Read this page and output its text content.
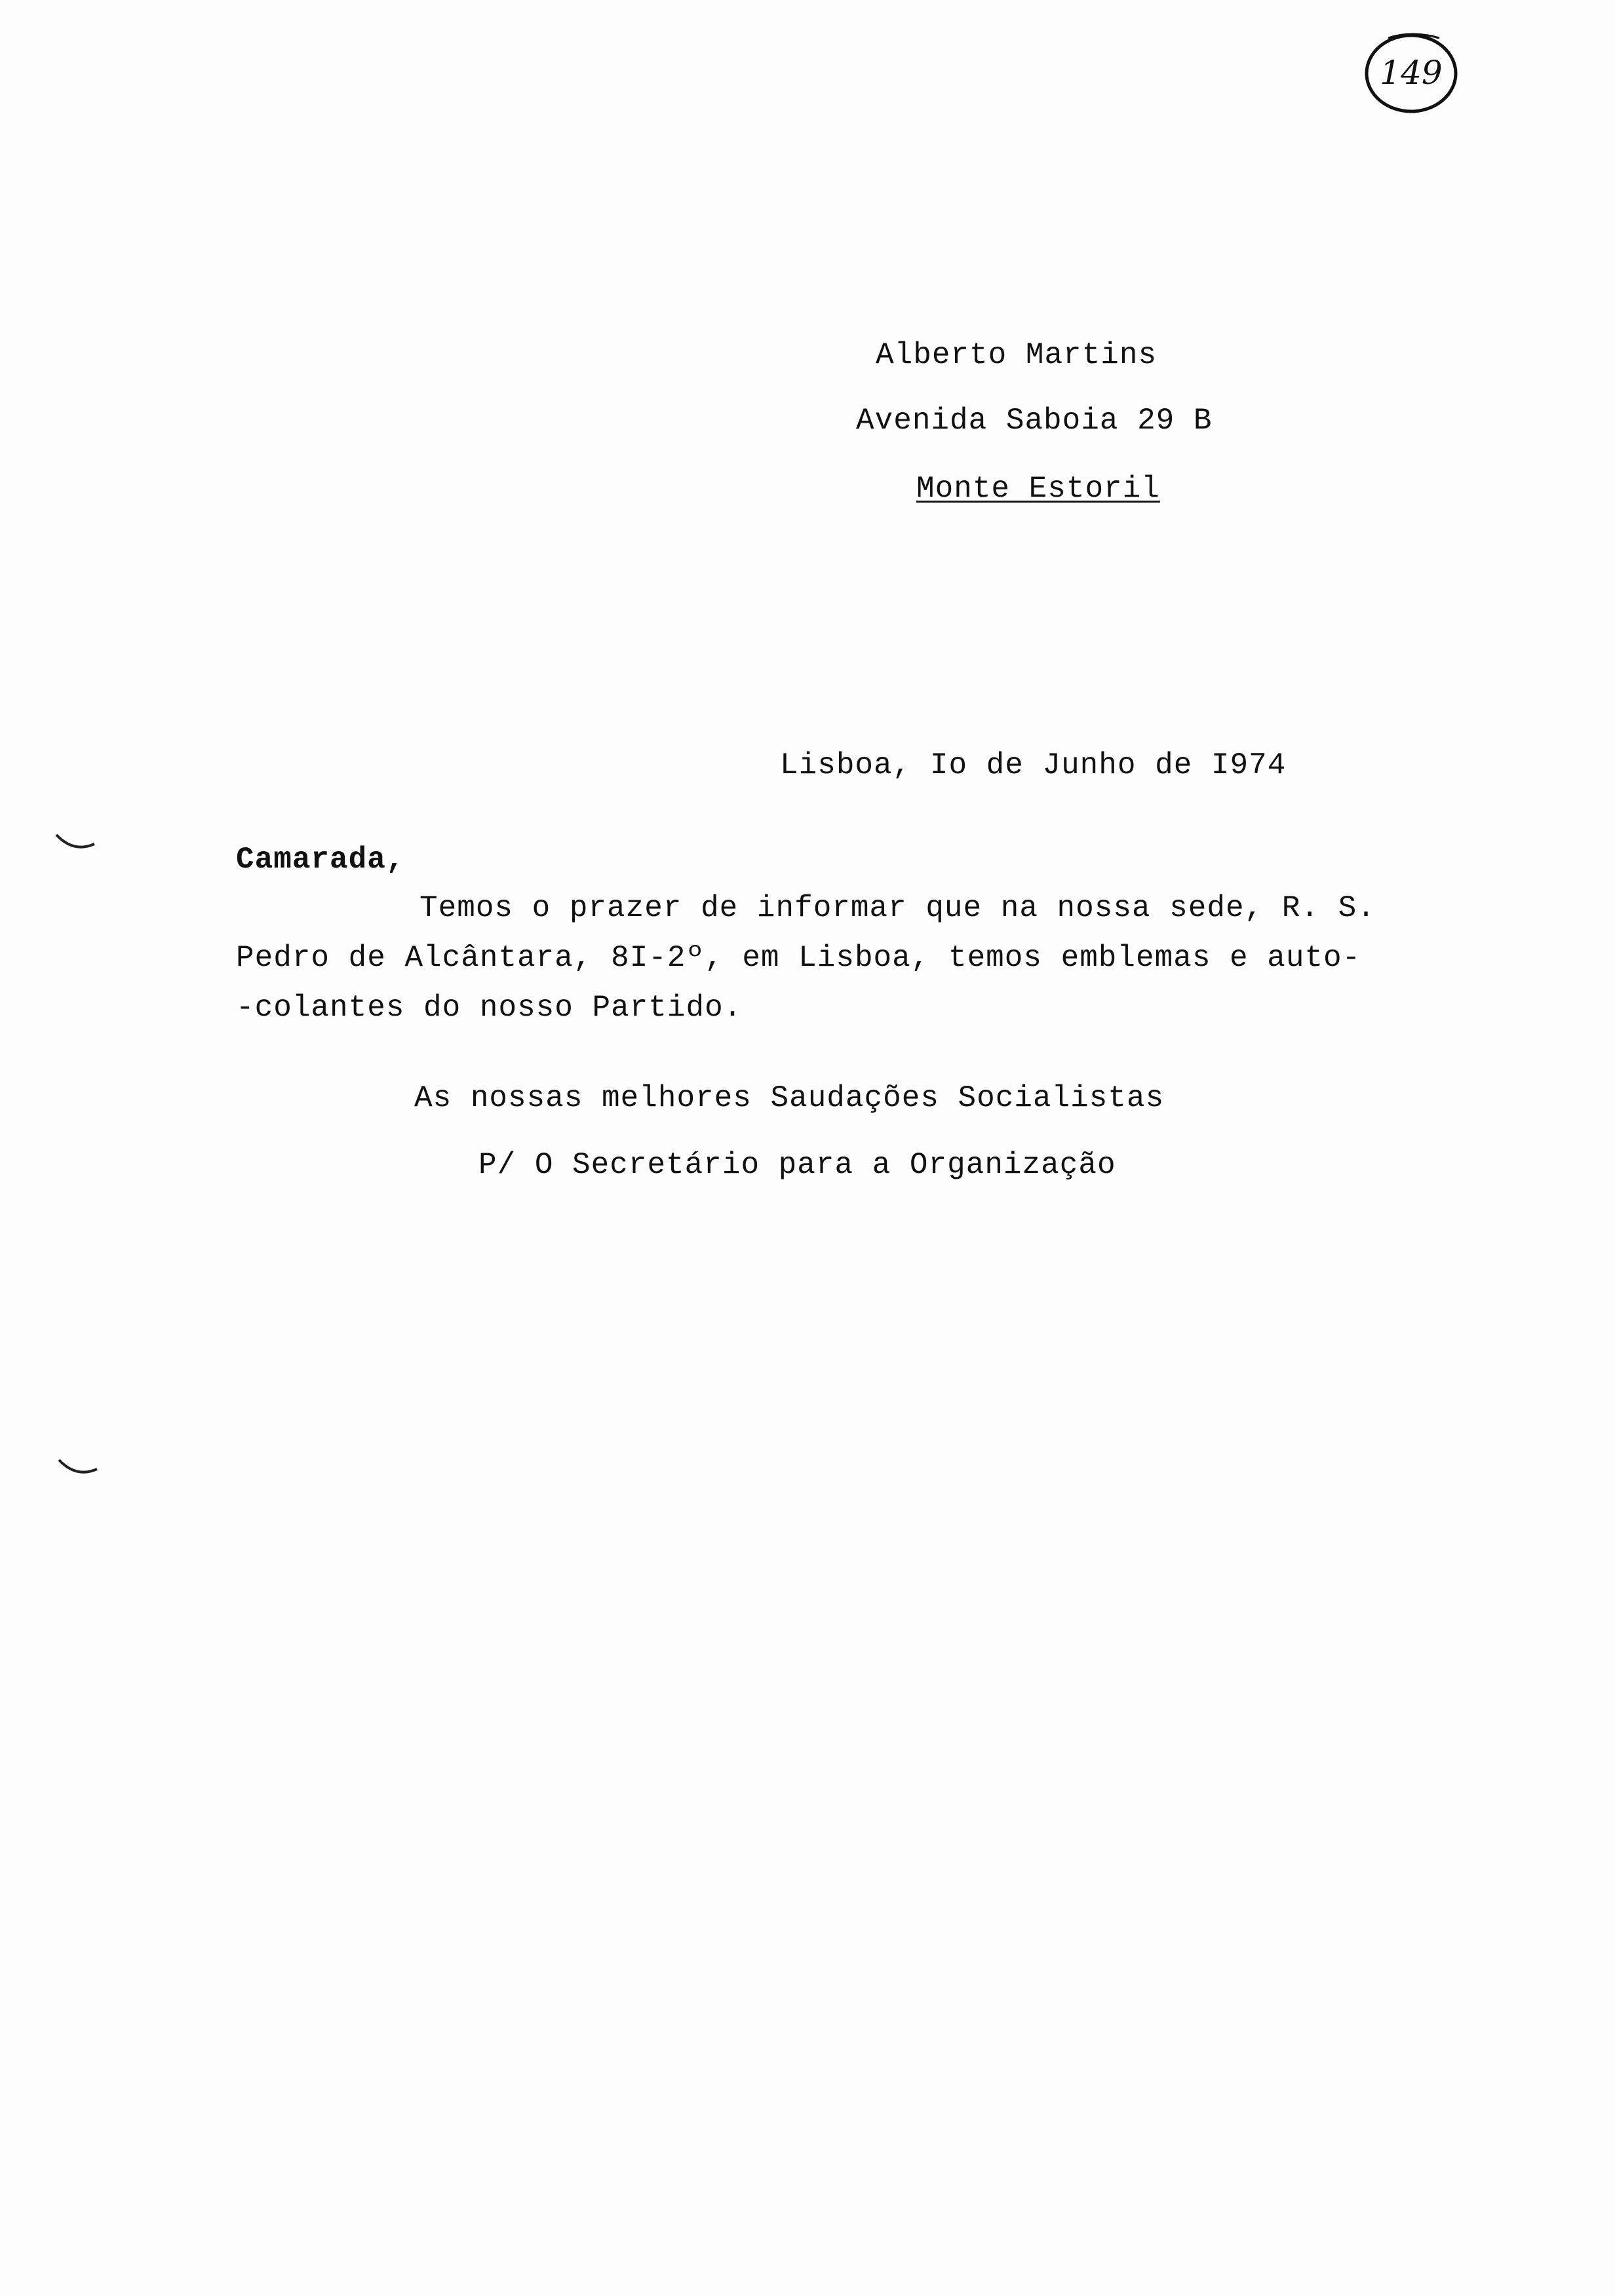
149
Alberto Martins
Avenida Saboia 29 B
Monte Estoril
Lisboa, Io de Junho de I974
Camarada,
Temos o prazer de informar que na nossa sede, R. S.
Pedro de Alcântara, 8I-2º, em Lisboa, temos emblemas e auto-
-colantes do nosso Partido.
As nossas melhores Saudações Socialistas
P/ O Secretário para a Organização
